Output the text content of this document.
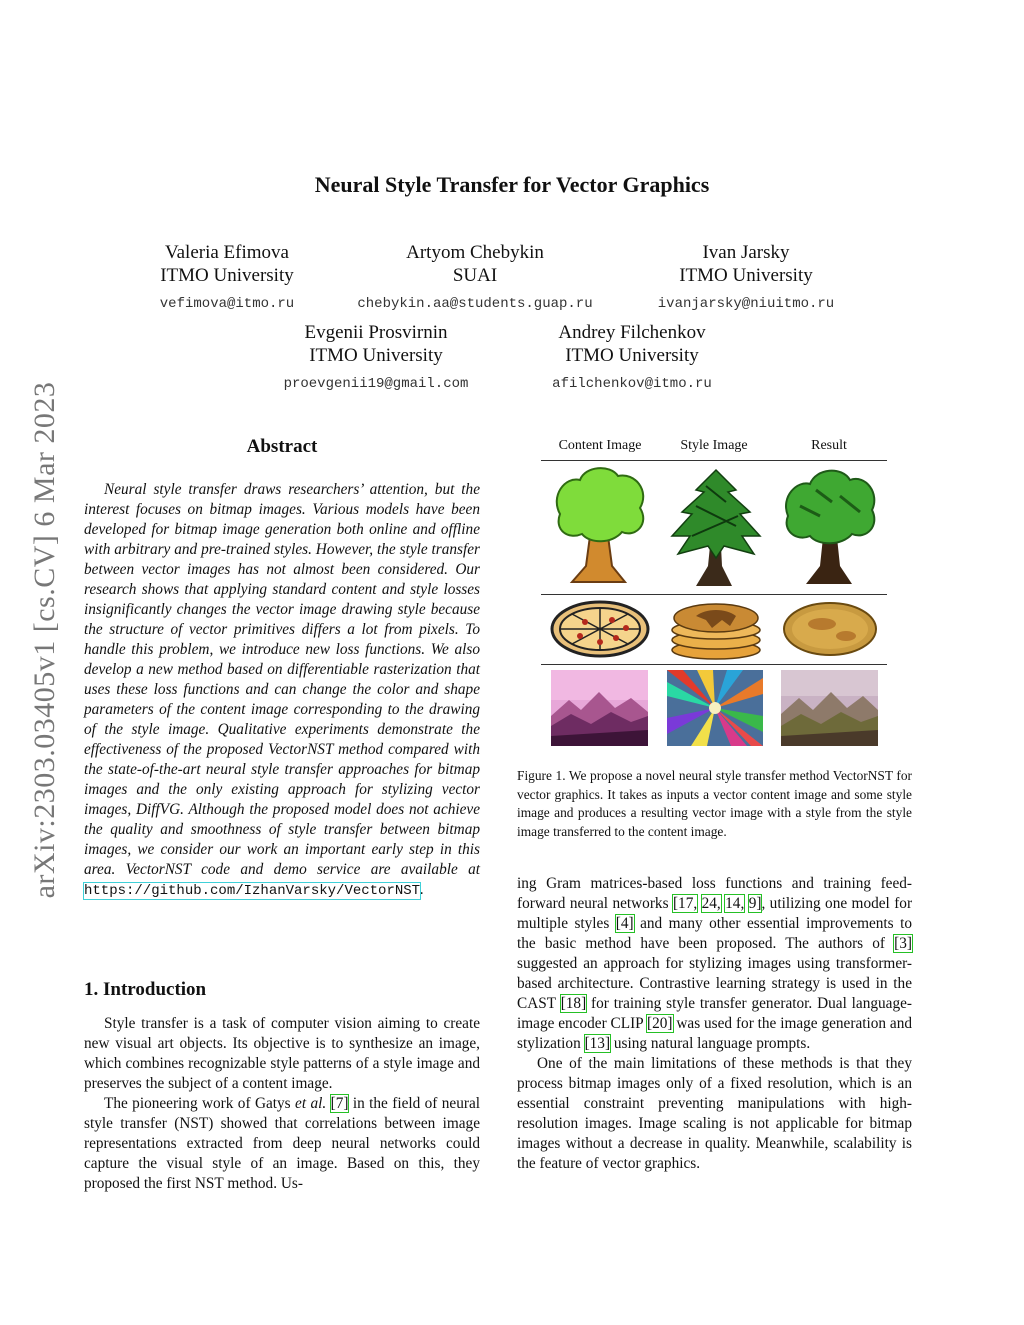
arXiv:2303.03405v1 [cs.CV] 6 Mar 2023
Neural Style Transfer for Vector Graphics
Valeria Efimova
ITMO University
vefimova@itmo.ru
Artyom Chebykin
SUAI
chebykin.aa@students.guap.ru
Ivan Jarsky
ITMO University
ivanjarsky@niuitmo.ru
Evgenii Prosvirnin
ITMO University
proevgenii19@gmail.com
Andrey Filchenkov
ITMO University
afilchenkov@itmo.ru
Abstract

Neural style transfer draws researchers’ attention, but the interest focuses on bitmap images. Various models have been developed for bitmap image generation both online and offline with arbitrary and pre-trained styles. However, the style transfer between vector images has not almost been considered. Our research shows that applying standard content and style losses insignificantly changes the vector image drawing style because the structure of vector primitives differs a lot from pixels. To handle this problem, we introduce new loss functions. We also develop a new method based on differentiable rasterization that uses these loss functions and can change the color and shape parameters of the content image corresponding to the drawing of the style image. Qualitative experiments demonstrate the effectiveness of the proposed VectorNST method compared with the state-of-the-art neural style transfer approaches for bitmap images and the only existing approach for stylizing vector images, DiffVG. Although the proposed model does not achieve the quality and smoothness of style transfer between bitmap images, we consider our work an important early step in this area. VectorNST code and demo service are available at https://github.com/IzhanVarsky/VectorNST.

1. Introduction

Style transfer is a task of computer vision aiming to create new visual art objects. Its objective is to synthesize an image, which combines recognizable style patterns of a style image and preserves the subject of a content image.

The pioneering work of Gatys et al. [7] in the field of neural style transfer (NST) showed that correlations between image representations extracted from deep neural networks could capture the visual style of an image. Based on this, they proposed the first NST method. Us-

Content Image	Style Image	Result
Figure 1. We propose a novel neural style transfer method VectorNST for vector graphics. It takes as inputs a vector content image and some style image and produces a resulting vector image with a style from the style image transferred to the content image.

ing Gram matrices-based loss functions and training feed-forward neural networks [17, 24, 14, 9], utilizing one model for multiple styles [4] and many other essential improvements to the basic method have been proposed. The authors of [3] suggested an approach for stylizing images using transformer-based architecture. Contrastive learning strategy is used in the CAST [18] for training style transfer generator. Dual language-image encoder CLIP [20] was used for the image generation and stylization [13] using natural language prompts.

One of the main limitations of these methods is that they process bitmap images only of a fixed resolution, which is an essential constraint preventing manipulations with high-resolution images. Image scaling is not applicable for bitmap images without a decrease in quality. Meanwhile, scalability is the feature of vector graphics.
